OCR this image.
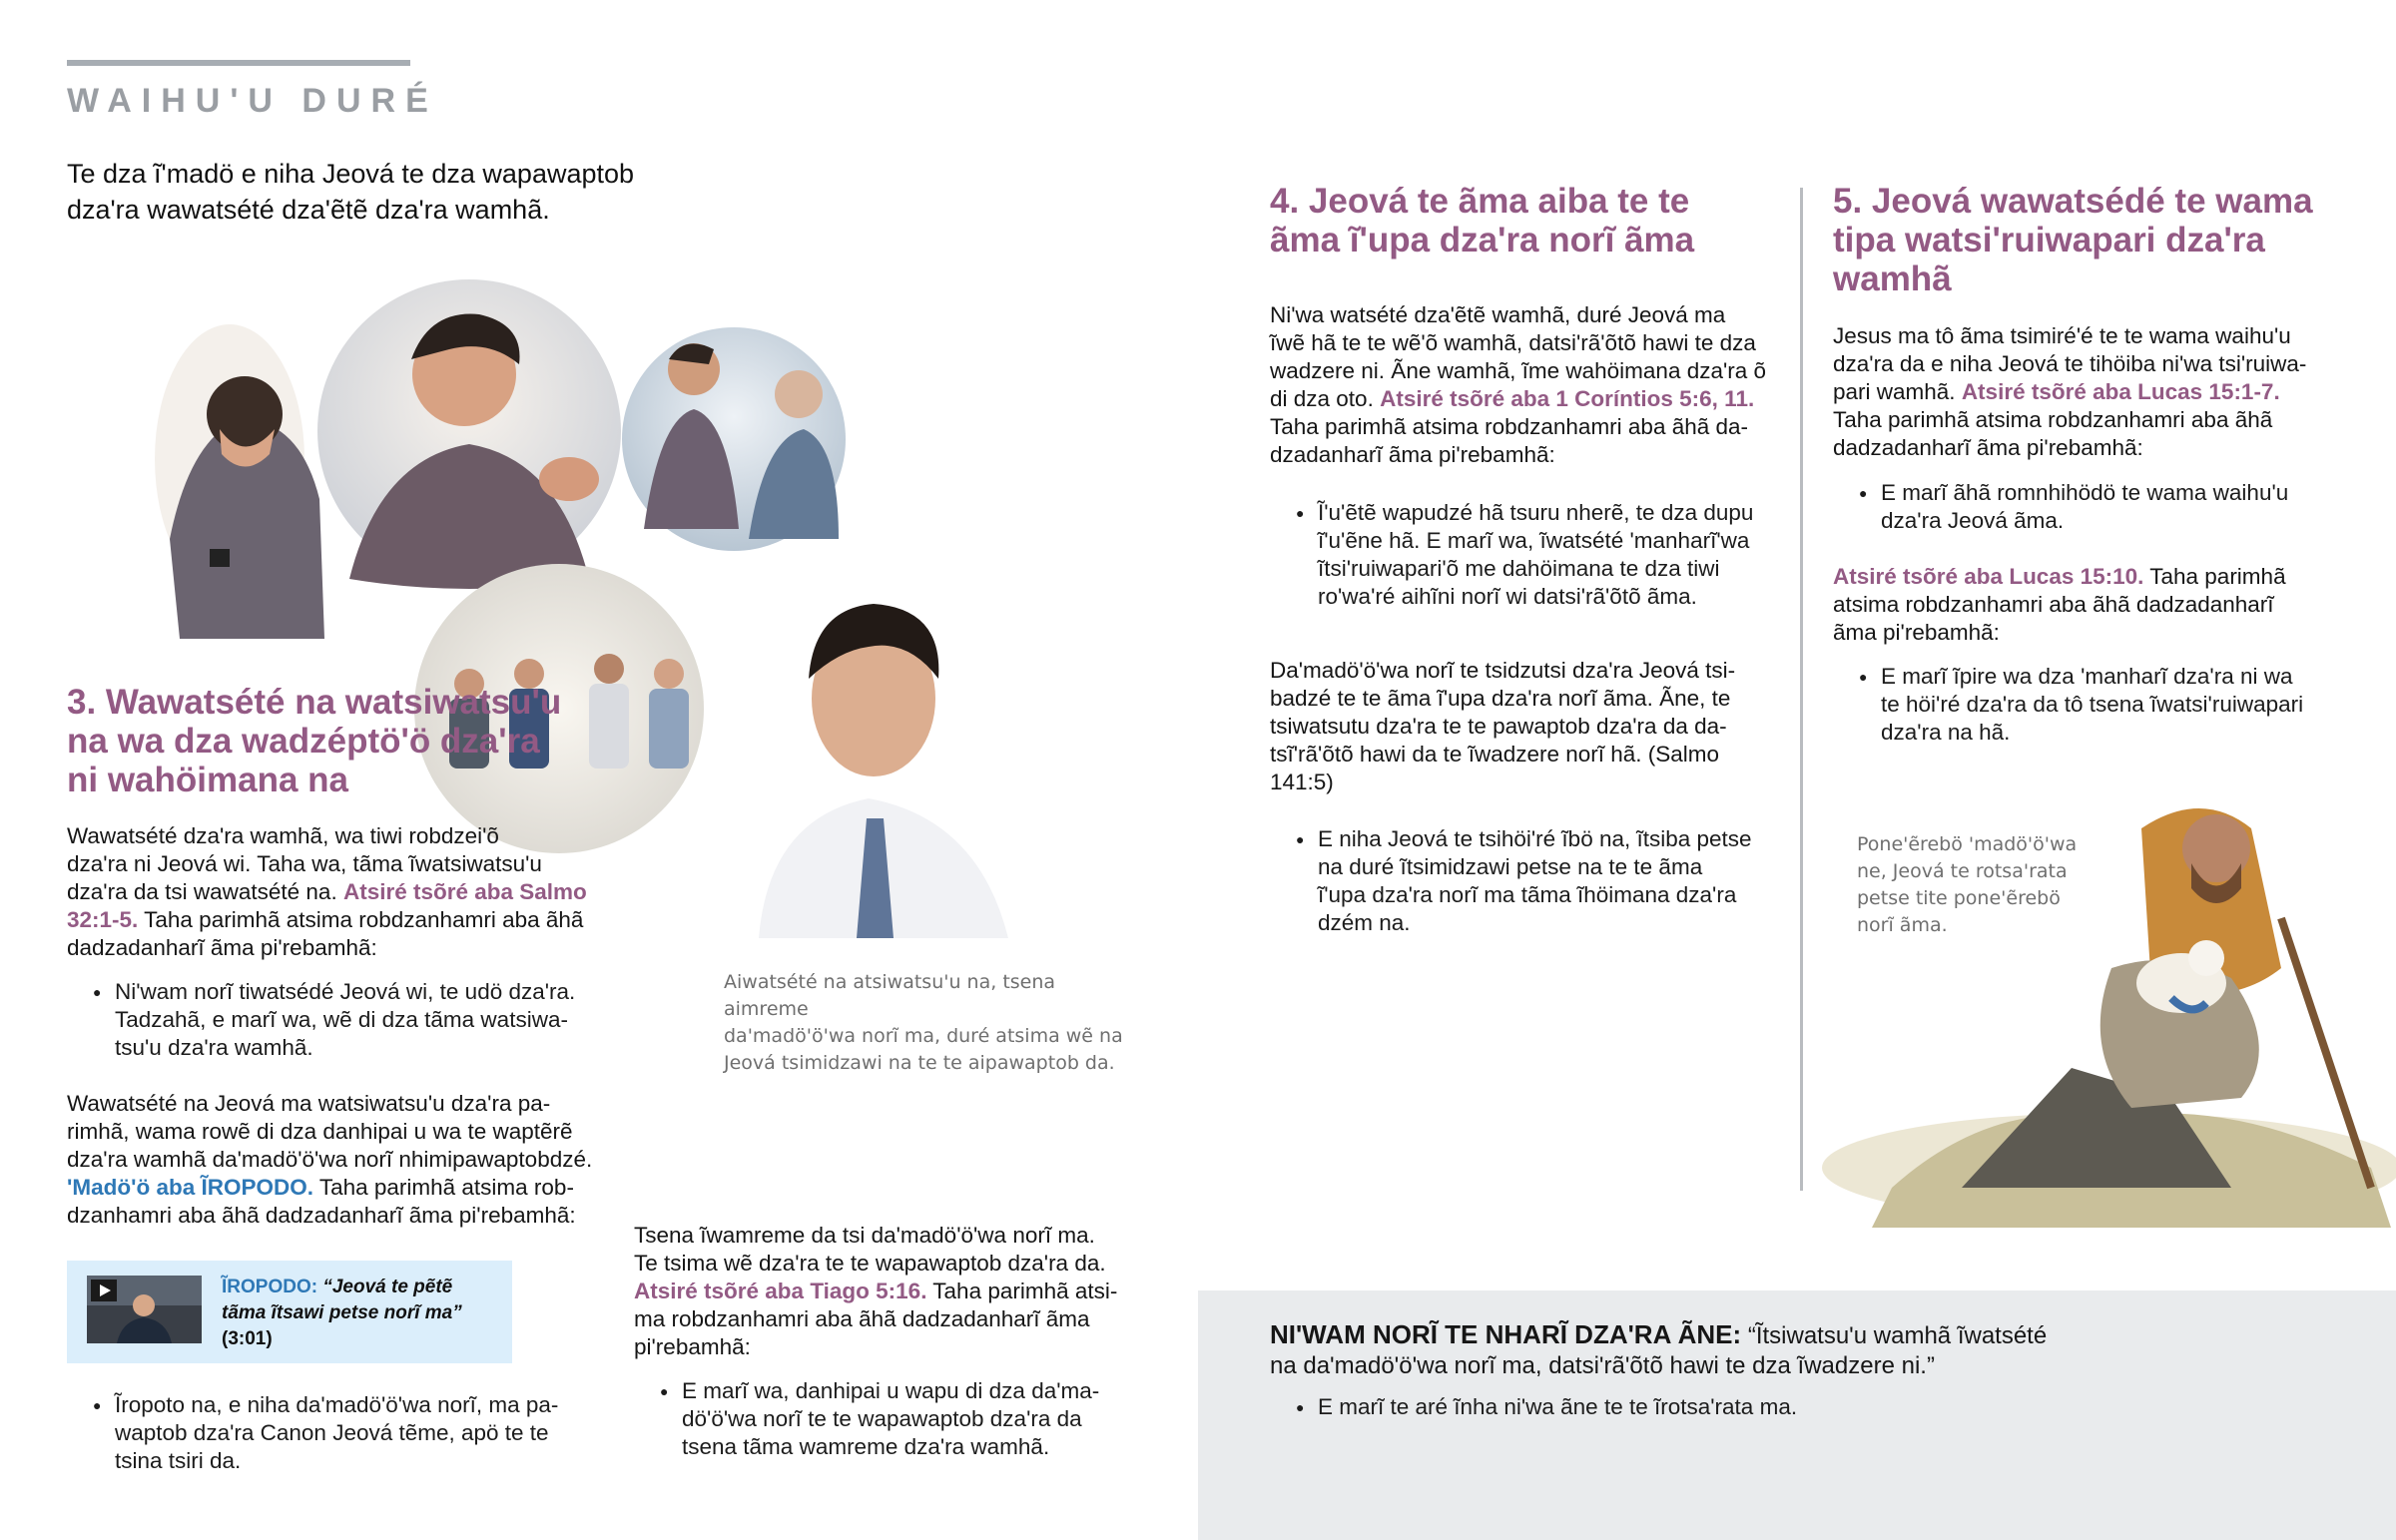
WAIHU'U DURÉ
Te dza ĩ'madö e niha Jeová te dza wapawaptob dza'ra wawatsété dza'ẽtẽ dza'ra wamhã.
3. Wawatsété na watsiwatsu'u
na wa dza wadzéptö'ö dza'ra
ni wahöimana na
Wawatsété dza'ra wamhã, wa tiwi robdzei'õ
dza'ra ni Jeová wi. Taha wa, tãma ĩwatsiwatsu'u
dza'ra da tsi wawatsété na. Atsiré tsõré aba Salmo
32:1-5. Taha parimhã atsima robdzanhamri aba ãhã
dadzadanharĩ ãma pi'rebamhã:
● Ni'wam norĩ tiwatsédé Jeová wi, te udö dza'ra.
Tadzahã, e marĩ wa, wẽ di dza tãma watsiwa-
tsu'u dza'ra wamhã.
Wawatsété na Jeová ma watsiwatsu'u dza'ra pa-
rimhã, wama rowẽ di dza danhipai u wa te waptẽrẽ
dza'ra wamhã da'madö'ö'wa norĩ nhimipawaptobdzé.
'Madö'ö aba ĨROPODO. Taha parimhã atsima rob-
dzanhamri aba ãhã dadzadanharĩ ãma pi'rebamhã:
ĨROPODO: “Jeová te pẽtẽ
tãma ĩtsawi petse norĩ ma”
(3:01)
● Ĩropoto na, e niha da'madö'ö'wa norĩ, ma pa-
waptob dza'ra Canon Jeová tẽme, apö te te
tsina tsiri da.
Aiwatsété na atsiwatsu'u na, tsena aimreme
da'madö'ö'wa norĩ ma, duré atsima wẽ na
Jeová tsimidzawi na te te aipawaptob da.
Tsena ĩwamreme da tsi da'madö'ö'wa norĩ ma.
Te tsima wẽ dza'ra te te wapawaptob dza'ra da.
Atsiré tsõré aba Tiago 5:16. Taha parimhã atsi-
ma robdzanhamri aba ãhã dadzadanharĩ ãma
pi'rebamhã:
● E marĩ wa, danhipai u wapu di dza da'ma-
dö'ö'wa norĩ te te wapawaptob dza'ra da
tsena tãma wamreme dza'ra wamhã.
4. Jeová te ãma aiba te te
ãma ĩ'upa dza'ra norĩ ãma
Ni'wa watsété dza'ẽtẽ wamhã, duré Jeová ma
ĩwẽ hã te te wẽ'õ wamhã, datsi'rã'õtõ hawi te dza
wadzere ni. Ãne wamhã, ĩme wahöimana dza'ra õ
di dza oto. Atsiré tsõré aba 1 Coríntios 5:6, 11.
Taha parimhã atsima robdzanhamri aba ãhã da-
dzadanharĩ ãma pi'rebamhã:
● Ĩ'u'ẽtẽ wapudzé hã tsuru nherẽ, te dza dupu
ĩ'u'ẽne hã. E marĩ wa, ĩwatsété 'manharĩ'wa
ĩtsi'ruiwapari'õ me dahöimana te dza tiwi
ro'wa'ré aihĩni norĩ wi datsi'rã'õtõ ãma.
Da'madö'ö'wa norĩ te tsidzutsi dza'ra Jeová tsi-
badzé te te ãma ĩ'upa dza'ra norĩ ãma. Ãne, te
tsiwatsutu dza'ra te te pawaptob dza'ra da da-
tsĩ'rã'õtõ hawi da te ĩwadzere norĩ hã. (Salmo
141:5)
● E niha Jeová te tsihöi'ré ĩbö na, ĩtsiba petse
na duré ĩtsimidzawi petse na te te ãma
ĩ'upa dza'ra norĩ ma tãma ĩhöimana dza'ra
dzém na.
5. Jeová wawatsédé te wama
tipa watsi'ruiwapari dza'ra
wamhã
Jesus ma tô ãma tsimiré'é te te wama waihu'u
dza'ra da e niha Jeová te tihöiba ni'wa tsi'ruiwa-
pari wamhã. Atsiré tsõré aba Lucas 15:1-7.
Taha parimhã atsima robdzanhamri aba ãhã
dadzadanharĩ ãma pi'rebamhã:
● E marĩ ãhã romnhihödö te wama waihu'u
dza'ra Jeová ãma.
Atsiré tsõré aba Lucas 15:10. Taha parimhã
atsima robdzanhamri aba ãhã dadzadanharĩ
ãma pi'rebamhã:
● E marĩ ĩpire wa dza 'manharĩ dza'ra ni wa
te höi'ré dza'ra da tô tsena ĩwatsi'ruiwapari
dza'ra na hã.
Pone'ẽrebö 'madö'ö'wa
ne, Jeová te rotsa'rata
petse tite pone'ẽrebö
norĩ ãma.
NI'WAM NORĨ TE NHARĨ DZA'RA ÃNE: “Ĩtsiwatsu'u wamhã ĩwatsété
na da'madö'ö'wa norĩ ma, datsi'rã'õtõ hawi te dza ĩwadzere ni.”
● E marĩ te aré ĩnha ni'wa ãne te te ĩrotsa'rata ma.
